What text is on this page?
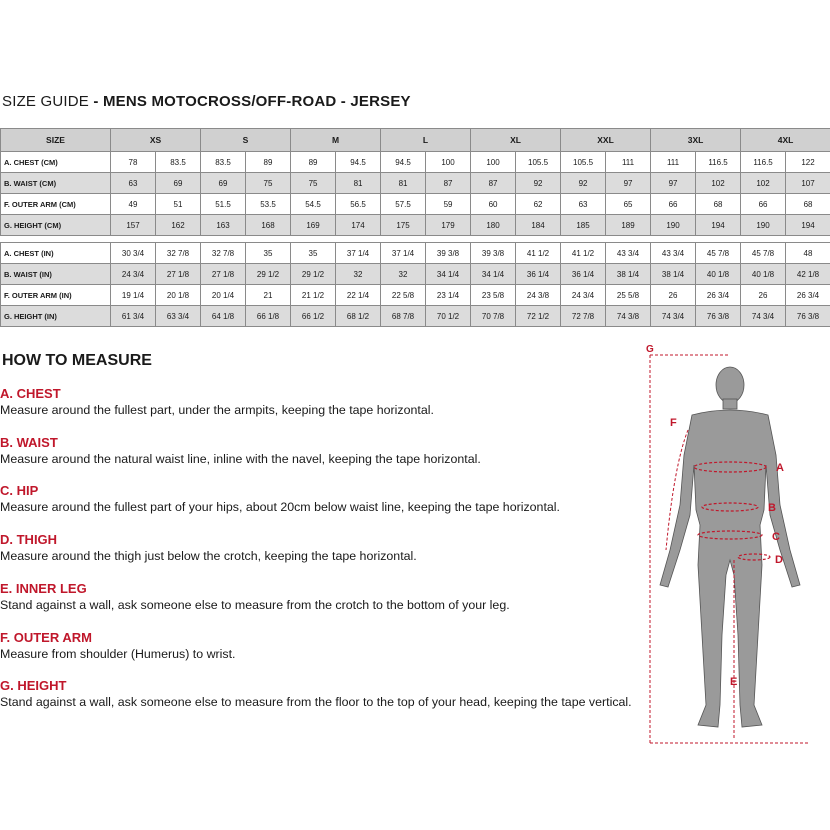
SIZE GUIDE - MENS MOTOCROSS/OFF-ROAD - JERSEY
SIZE	XS		S		M		L		XL		XXL		3XL		4XL	
A. CHEST (CM)	78	83.5	83.5	89	89	94.5	94.5	100	100	105.5	105.5	111	111	116.5	116.5	122
B. WAIST (CM)	63	69	69	75	75	81	81	87	87	92	92	97	97	102	102	107
F. OUTER ARM (CM)	49	51	51.5	53.5	54.5	56.5	57.5	59	60	62	63	65	66	68	66	68
G. HEIGHT (CM)	157	162	163	168	169	174	175	179	180	184	185	189	190	194	190	194
A. CHEST (IN)	30 3/4	32 7/8	32 7/8	35	35	37 1/4	37 1/4	39 3/8	39 3/8	41 1/2	41 1/2	43 3/4	43 3/4	45 7/8	45 7/8	48
B. WAIST (IN)	24 3/4	27 1/8	27 1/8	29 1/2	29 1/2	32	32	34 1/4	34 1/4	36 1/4	36 1/4	38 1/4	38 1/4	40 1/8	40 1/8	42 1/8
F. OUTER ARM (IN)	19 1/4	20 1/8	20 1/4	21	21 1/2	22 1/4	22 5/8	23 1/4	23 5/8	24 3/8	24 3/4	25 5/8	26	26 3/4	26	26 3/4
G. HEIGHT (IN)	61 3/4	63 3/4	64 1/8	66 1/8	66 1/2	68 1/2	68 7/8	70 1/2	70 7/8	72 1/2	72 7/8	74 3/8	74 3/4	76 3/8	74 3/4	76 3/8
HOW TO MEASURE
A. CHEST
Measure around the fullest part, under the armpits, keeping the tape horizontal.
B. WAIST
Measure around the natural waist line, inline with the navel, keeping the tape horizontal.
C. HIP
Measure around the fullest part of your hips, about 20cm below waist line, keeping the tape horizontal.
D. THIGH
Measure around the thigh just below the crotch, keeping the tape horizontal.
E. INNER LEG
Stand against a wall, ask someone else to measure from the crotch to the bottom of your leg.
F. OUTER ARM
Measure from shoulder (Humerus) to wrist.
G. HEIGHT
Stand against a wall, ask someone else to measure from the floor to the top of your head, keeping the tape vertical.
G
A
B
C
D
E
F
